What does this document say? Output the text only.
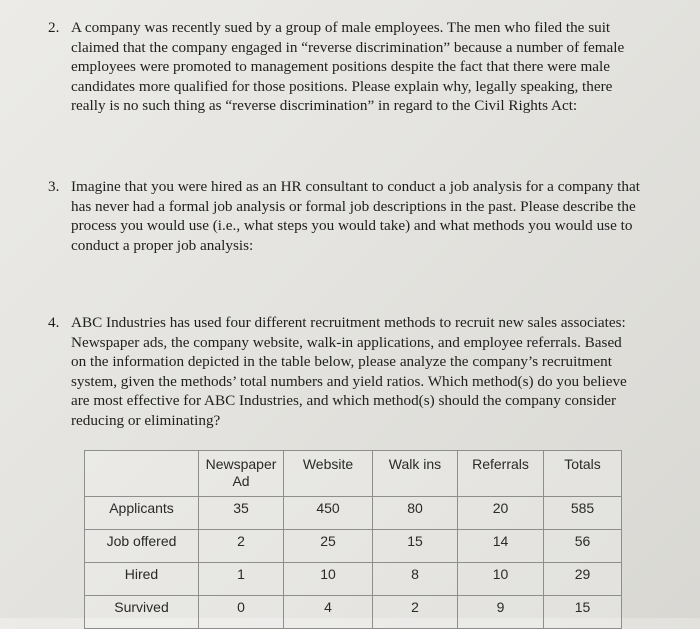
2. A company was recently sued by a group of male employees. The men who filed the suit
claimed that the company engaged in “reverse discrimination” because a number of female
employees were promoted to management positions despite the fact that there were male
candidates more qualified for those positions. Please explain why, legally speaking, there
really is no such thing as “reverse discrimination” in regard to the Civil Rights Act:
3. Imagine that you were hired as an HR consultant to conduct a job analysis for a company that
has never had a formal job analysis or formal job descriptions in the past. Please describe the
process you would use (i.e., what steps you would take) and what methods you would use to
conduct a proper job analysis:
4. ABC Industries has used four different recruitment methods to recruit new sales associates:
Newspaper ads, the company website, walk-in applications, and employee referrals. Based
on the information depicted in the table below, please analyze the company’s recruitment
system, given the methods’ total numbers and yield ratios. Which method(s) do you believe
are most effective for ABC Industries, and which method(s) should the company consider
reducing or eliminating?

	Newspaper
Ad	Website	Walk ins	Referrals	Totals
Applicants	35	450	80	20	585
Job offered	2	25	15	14	56
Hired	1	10	8	10	29
Survived	0	4	2	9	15
